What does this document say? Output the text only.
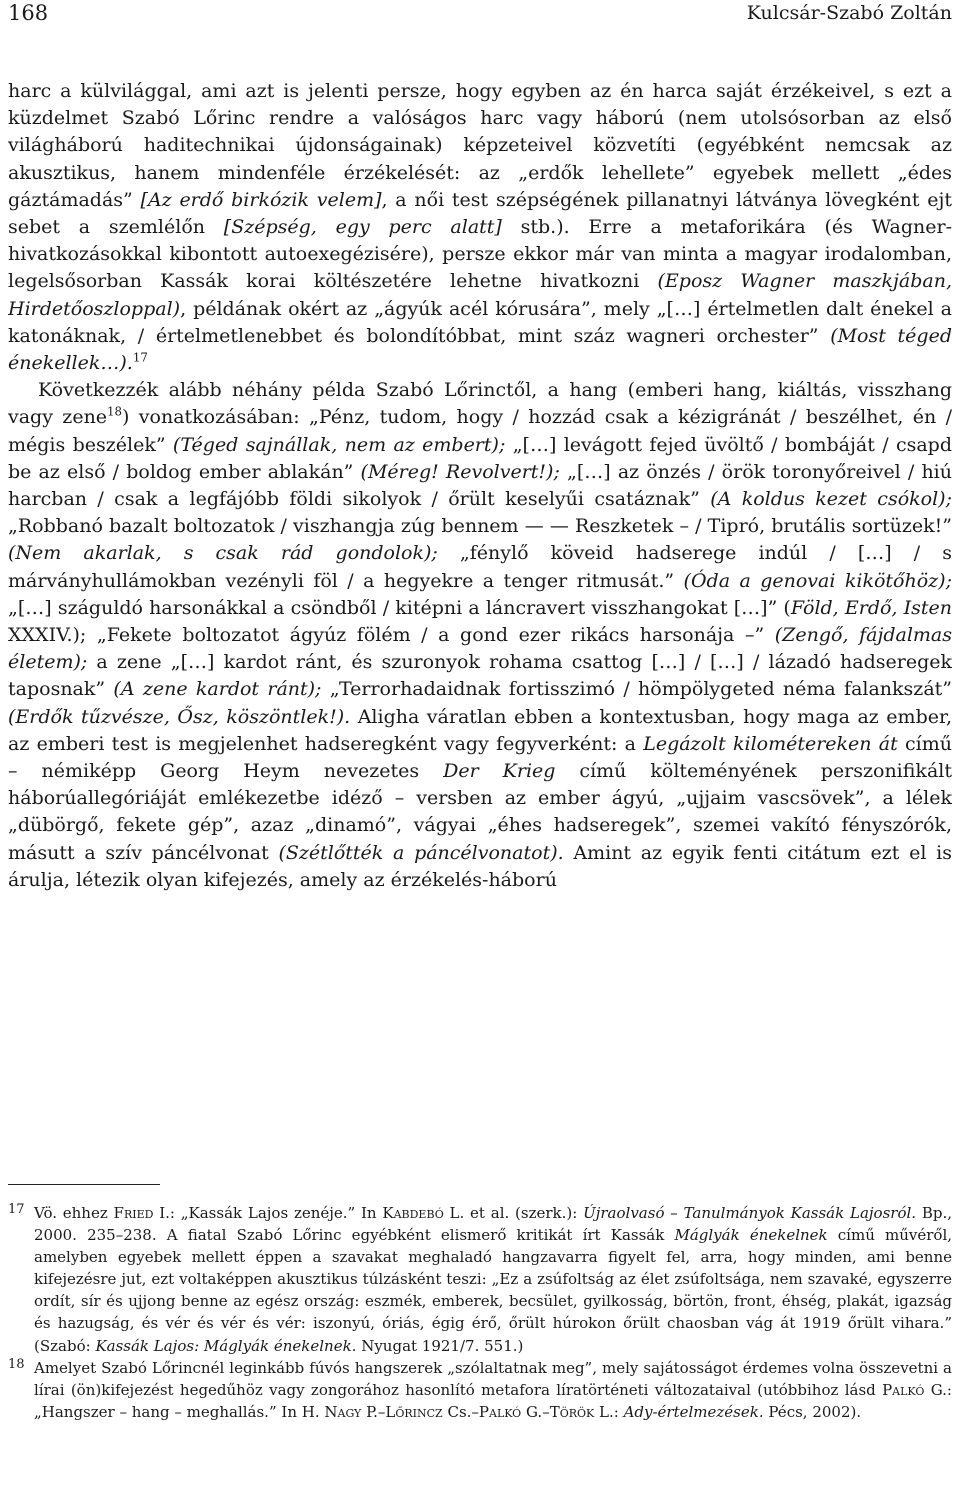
168	Kulcsár-Szabó Zoltán

harc a külvilággal, ami azt is jelenti persze, hogy egyben az én harca saját érzékeivel, s ezt a küzdelmet Szabó Lőrinc rendre a valóságos harc vagy háború (nem utolsósorban az első világháború haditechnikai újdonságainak) képzeteivel közvetíti (egyébként nemcsak az akusztikus, hanem mindenféle érzékelését: az „erdők lehellete” egyebek mellett „édes gáztámadás” [Az erdő birkózik velem], a női test szépségének pillanatnyi látványa lövegként ejt sebet a szemlélőn [Szépség, egy perc alatt] stb.). Erre a metaforikára (és Wagner-hivatkozásokkal kibontott autoexegézisére), persze ekkor már van minta a magyar irodalomban, legelsősorban Kassák korai költészetére lehetne hivatkozni (Eposz Wagner maszkjában, Hirdetőoszloppal), példának okért az „ágyúk acél kórusára”, mely „[…] értelmetlen dalt énekel a katonáknak, / értelmetlenebbet és bolondítóbbat, mint száz wagneri orchester” (Most téged énekellek…).$^{17}$

Következzék alább néhány példa Szabó Lőrinctől, a hang (emberi hang, kiáltás, visszhang vagy zene$^{18}$) vonatkozásában: „Pénz, tudom, hogy / hozzád csak a kézigránát / beszélhet, én / mégis beszélek” (Téged sajnállak, nem az embert); „[…] levágott fejed üvöltő / bombáját / csapd be az első / boldog ember ablakán” (Méreg! Revolvert!); „[…] az önzés / örök toronyőreivel / hiú harcban / csak a legfájóbb földi sikolyok / őrült keselyűi csatáznak” (A koldus kezet csókol); „Robbanó bazalt boltozatok / viszhangja zúg bennem — — Reszketek – / Tipró, brutális sortüzek!” (Nem akarlak, s csak rád gondolok); „fénylő köveid hadserege indúl / […] / s márványhullámokban vezényli föl / a hegyekre a tenger ritmusát.” (Óda a genovai kikötőhöz); „[…] száguldó harsonákkal a csöndből / kitépni a láncravert visszhangokat […]” (Föld, Erdő, Isten XXXIV.); „Fekete boltozatot ágyúz fölém / a gond ezer rikács harsonája –” (Zengő, fájdalmas életem); a zene „[…] kardot ránt, és szuronyok rohama csattog […] / […] / lázadó hadseregek taposnak” (A zene kardot ránt); „Terrorhadaidnak fortisszimó / hömpölygeted néma falankszát” (Erdők tűzvésze, Ősz, köszöntlek!). Aligha váratlan ebben a kontextusban, hogy maga az ember, az emberi test is megjelenhet hadseregként vagy fegyverként: a Legázolt kilométereken át című – némiképp Georg Heym nevezetes Der Krieg című költeményének perszonifikált háborúallegóriáját emlékezetbe idéző – versben az ember ágyú, „ujjaim vascsövek”, a lélek „dübörgő, fekete gép”, azaz „dinamó”, vágyai „éhes hadseregek”, szemei vakító fényszórók, másutt a szív páncélvonat (Szétlőtték a páncélvonatot). Amint az egyik fenti citátum ezt el is árulja, létezik olyan kifejezés, amely az érzékelés-háború

17 Vö. ehhez Fried I.: „Kassák Lajos zenéje.” In Kabdebó L. et al. (szerk.): Újraolvasó – Tanulmányok Kassák Lajosról. Bp., 2000. 235–238. A fiatal Szabó Lőrinc egyébként elismerő kritikát írt Kassák Máglyák énekelnek című művéről, amelyben egyebek mellett éppen a szavakat meghaladó hangzavarra figyelt fel, arra, hogy minden, ami benne kifejezésre jut, ezt voltaképpen akusztikus túlzásként teszi: „Ez a zsúfoltság az élet zsúfoltsága, nem szavaké, egyszerre ordít, sír és ujjong benne az egész ország: eszmék, emberek, becsület, gyilkosság, börtön, front, éhség, plakát, igazság és hazugság, és vér és vér és vér: iszonyú, óriás, égig érő, őrült húrokon őrült chaosban vág át 1919 őrült vihara.” (Szabó: Kassák Lajos: Máglyák énekelnek. Nyugat 1921/7. 551.)

18 Amelyet Szabó Lőrincnél leginkább fúvós hangszerek „szólaltatnak meg”, mely sajátosságot érdemes volna összevetni a lírai (ön)kifejezést hegedűhöz vagy zongorához hasonlító metafora líratörténeti változataival (utóbbihoz lásd Palkó G.: „Hangszer – hang – meghallás.” In H. Nagy P.–Lőrincz Cs.–Palkó G.–Török L.: Ady-értelmezések. Pécs, 2002).
